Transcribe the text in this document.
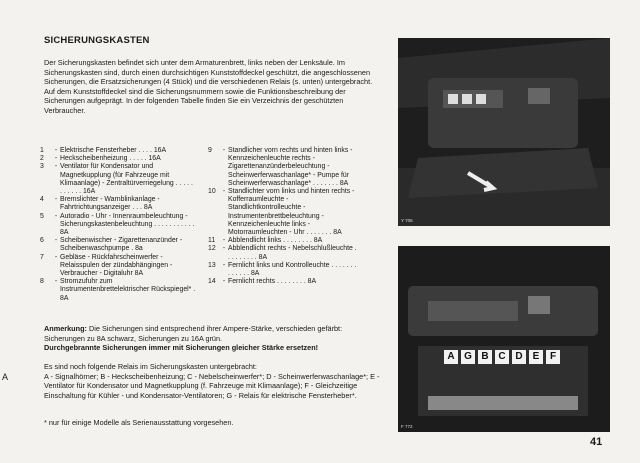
SICHERUNGSKASTEN
Der Sicherungskasten befindet sich unter dem Armaturenbrett, links neben der Lenksäule. Im Sicherungskasten sind, durch einen durchsichtigen Kunststoffdeckel geschützt, die angeschlossenen Sicherungen, die Ersatzsicherungen (4 Stück) und die verschiedenen Relais (s. unten) untergebracht. Auf dem Kunststoffdeckel sind die Sicherungsnummern sowie die Funktionsbeschreibung der Sicherungen aufgeprägt. In der folgenden Tabelle finden Sie ein Verzeichnis der geschützten Verbraucher.
1	- Elektrische Fensterheber . . . . 16A
2	- Heckscheibenheizung . . . . . 16A
3	- Ventilator für Kondensator und Magnetkupplung (für Fahrzeuge mit Klimaanlage) - Zentraltürverriegelung . . . . . . . . . . . 16A
4	- Bremslichter - Warnblinkanlage - Fahrtrichtungsanzeiger . . . 8A
5	- Autoradio - Uhr - Innenraumbeleuchtung - Sicherungskastenbeleuchtung . . . . . . . . . . . 8A
6	- Scheibenwischer - Zigarettenanzünder - Scheibenwaschpumpe . 8a
7	- Gebläse - Rückfahrscheinwerfer - Relaisspulen der zündabhängingen - Verbraucher - Digitaluhr 8A
8	- Stromzufuhr zum Instrumentenbrettelektrischer Rückspiegel* . 8A
9	- Standlicher vorn rechts und hinten links - Kennzeichenleuchte rechts - Zigarettenanzünderbeleuchtung - Scheinwerferwaschanlage* - Pumpe für Scheinwerferwaschanlage* . . . . . . . 8A
10	- Standlichter vorn links und hinten rechts - Kofferraumleuchte - Standlichtkontrolleuchte - Instrumentenbrettbeleuchtung - Kennzeichenleuchte links - Motorraumleuchten - Uhr . . . . . . . 8A
11	- Abblendlicht links . . . . . . . . 8A
12	- Abblendlicht rechts - Nebelschlußleuchte . . . . . . . . . 8A
13	- Fernlicht links und Kontrolleuchte . . . . . . . . . . . . . 8A
14	- Fernlicht rechts . . . . . . . . 8A
Anmerkung: Die Sicherungen sind entsprechend ihrer Ampere-Stärke, verschieden gefärbt: Sicherungen zu 8A schwarz, Sicherungen zu 16A grün.
Durchgebrannte Sicherungen immer mit Sicherungen gleicher Stärke ersetzen!
Es sind noch folgende Relais im Sicherungskasten untergebracht:
A - Signalhörner; B - Heckscheibenheizung; C - Nebelscheinwerfer*; D - Scheinwerferwaschanlage*; E - Ventilator für Kondensator und Magnetkupplung (f. Fahrzeuge mit Klimaanlage); F - Gleichzeitige Einschaltung für Kühler - und Kondensator-Ventilatoren; G - Relais für elektrische Fensterheber*.
* nur für einige Modelle als Serienausstattung vorgesehen.
41
A
Y 706
A G B C D	E	F
F 772
